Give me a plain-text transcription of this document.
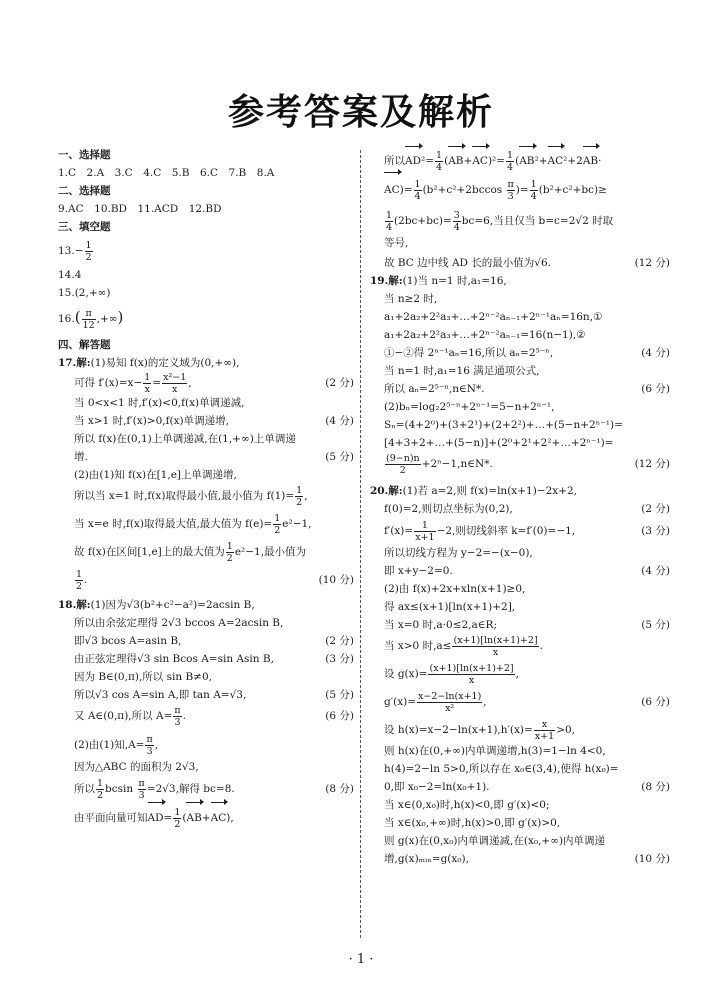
参考答案及解析
一、选择题
1.C　2.A　3.C　4.C　5.B　6.C　7.B　8.A
二、选择题
9.AC　10.BD　11.ACD　12.BD
三、填空题
$13.- \frac{1}{2}$
14.4
15.(2,+∞)
$16.( \frac{\pi}{12}$ ,+∞)
四、解答题
17.解:(1)易知 f(x)的定义域为(0,+∞),
可得 $f'(x)=x- \frac{1}{x} = \frac{\text{x²−1}}{x}$ ,	(2 分)
当 0<x<1 时,f′(x)<0,f(x)单调递减,
当 x>1 时,f′(x)>0,f(x)单调递增,	(4 分)
所以 f(x)在(0,1)上单调递减,在(1,+∞)上单调递
增.	(5 分)
(2)由(1)知 f(x)在[1,e]上单调递增,
所以当 x=1 时,f(x)取得最小值,最小值为 $f(1)= \frac{1}{2}$ ,
当 x=e 时,f(x)取得最大值,最大值为 $f(e)= \frac{1}{2} e^2-1$,
故 f(x)在区间[1,e]上的最大值为 $\frac{1}{2} e^2-1$,最小值为
$\frac{1}{2}$ .	(10 分)
18.解:(1)因为√3(b²+c²−a²)=2acsin B,
所以由余弦定理得 2√3 bccos A=2acsin B,
即√3 bcos A=asin B,	(2 分)
由正弦定理得√3 sin Bcos A=sin Asin B,	(3 分)
因为 B∈(0,π),所以 sin B≠0,
所以√3 cos A=sin A,即 tan A=√3,	(5 分)
又 A∈(0,π),所以 $A= \frac{\pi}{3}$ .	(6 分)
(2)由(1)知$,A= \frac{\pi}{3}$ ,
因为△ABC 的面积为 2√3,
所以 $\frac{1}{2}$ bcsin $\frac{\pi}{3} =2√3$,解得 bc=8.	(8 分)
由平面向量可知$AD= \frac{1}{2} (AB+AC)$,
所以$AD^2= \frac{1}{4} (AB+AC)^2= \frac{1}{4} (AB^2+AC^2+2AB\cdot$
$AC)= \frac{1}{4} (b^2+c^2+2bccos \frac{\pi}{3}$ )= $\frac{1}{4} (b^2+c^2+bc)\ge$
$\frac{1}{4} (2bc+bc)= \frac{3}{4} bc=6$,当且仅当 b=c=2√2 时取
等号,
故 BC 边中线 AD 长的最小值为√6.	(12 分)
19.解:(1)当 n=1 时,a₁=16,
当 n≥2 时,
a₁+2a₂+2²a₃+…+2ⁿ⁻²aₙ₋₁+2ⁿ⁻¹aₙ=16n,①
a₁+2a₂+2²a₃+…+2ⁿ⁻²aₙ₋₁=16(n−1),②
①−②得 2ⁿ⁻¹aₙ=16,所以 aₙ=2⁵⁻ⁿ,	(4 分)
当 n=1 时,a₁=16 满足通项公式,
所以 aₙ=2⁵⁻ⁿ,n∈N*.	(6 分)
(2)bₙ=log₂2⁵⁻ⁿ+2ⁿ⁻¹=5−n+2ⁿ⁻¹,
Sₙ=(4+2⁰)+(3+2¹)+(2+2²)+…+(5−n+2ⁿ⁻¹)=
[4+3+2+…+(5−n)]+(2⁰+2¹+2²+…+2ⁿ⁻¹)=
$\frac{(9-n)n}{2}$ +2ⁿ−1,n∈N*.	(12 分)
20.解:(1)若 a=2,则 f(x)=ln(x+1)−2x+2,
f(0)=2,则切点坐标为(0,2),	(2 分)
$f'(x)= \frac{1}{x+1} -2$,则切线斜率 k=f′(0)=−1,	(3 分)
所以切线方程为 y−2=−(x−0),
即 x+y−2=0.	(4 分)
(2)由 f(x)+2x+xln(x+1)≥0,
得 ax≤(x+1)[ln(x+1)+2],
当 x=0 时,a·0≤2,a∈R;	(5 分)
当 x>0 时$,a\le \frac{(x+1)[\ln(x+1)+2]}{x}$ .
设 $g(x)= \frac{(x+1)[\ln(x+1)+2]}{x}$ ,
$g'(x)= \frac{x-2-\ln(x+1)}{\text{x²}}$ ,	(6 分)
设 $h(x)=x-2-\ln(x+1),h'(x)= \frac{x}{x+1} >0$,
则 h(x)在(0,+∞)内单调递增,h(3)=1−ln 4<0,
h(4)=2−ln 5>0,所以存在 x₀∈(3,4),使得 h(x₀)=
0,即 x₀−2=ln(x₀+1).	(8 分)
当 x∈(0,x₀)时,h(x)<0,即 g′(x)<0;
当 x∈(x₀,+∞)时,h(x)>0,即 g′(x)>0,
则 g(x)在(0,x₀)内单调递减,在(x₀,+∞)内单调递
增,g(x)ₘᵢₙ=g(x₀),	(10 分)
· 1 ·
